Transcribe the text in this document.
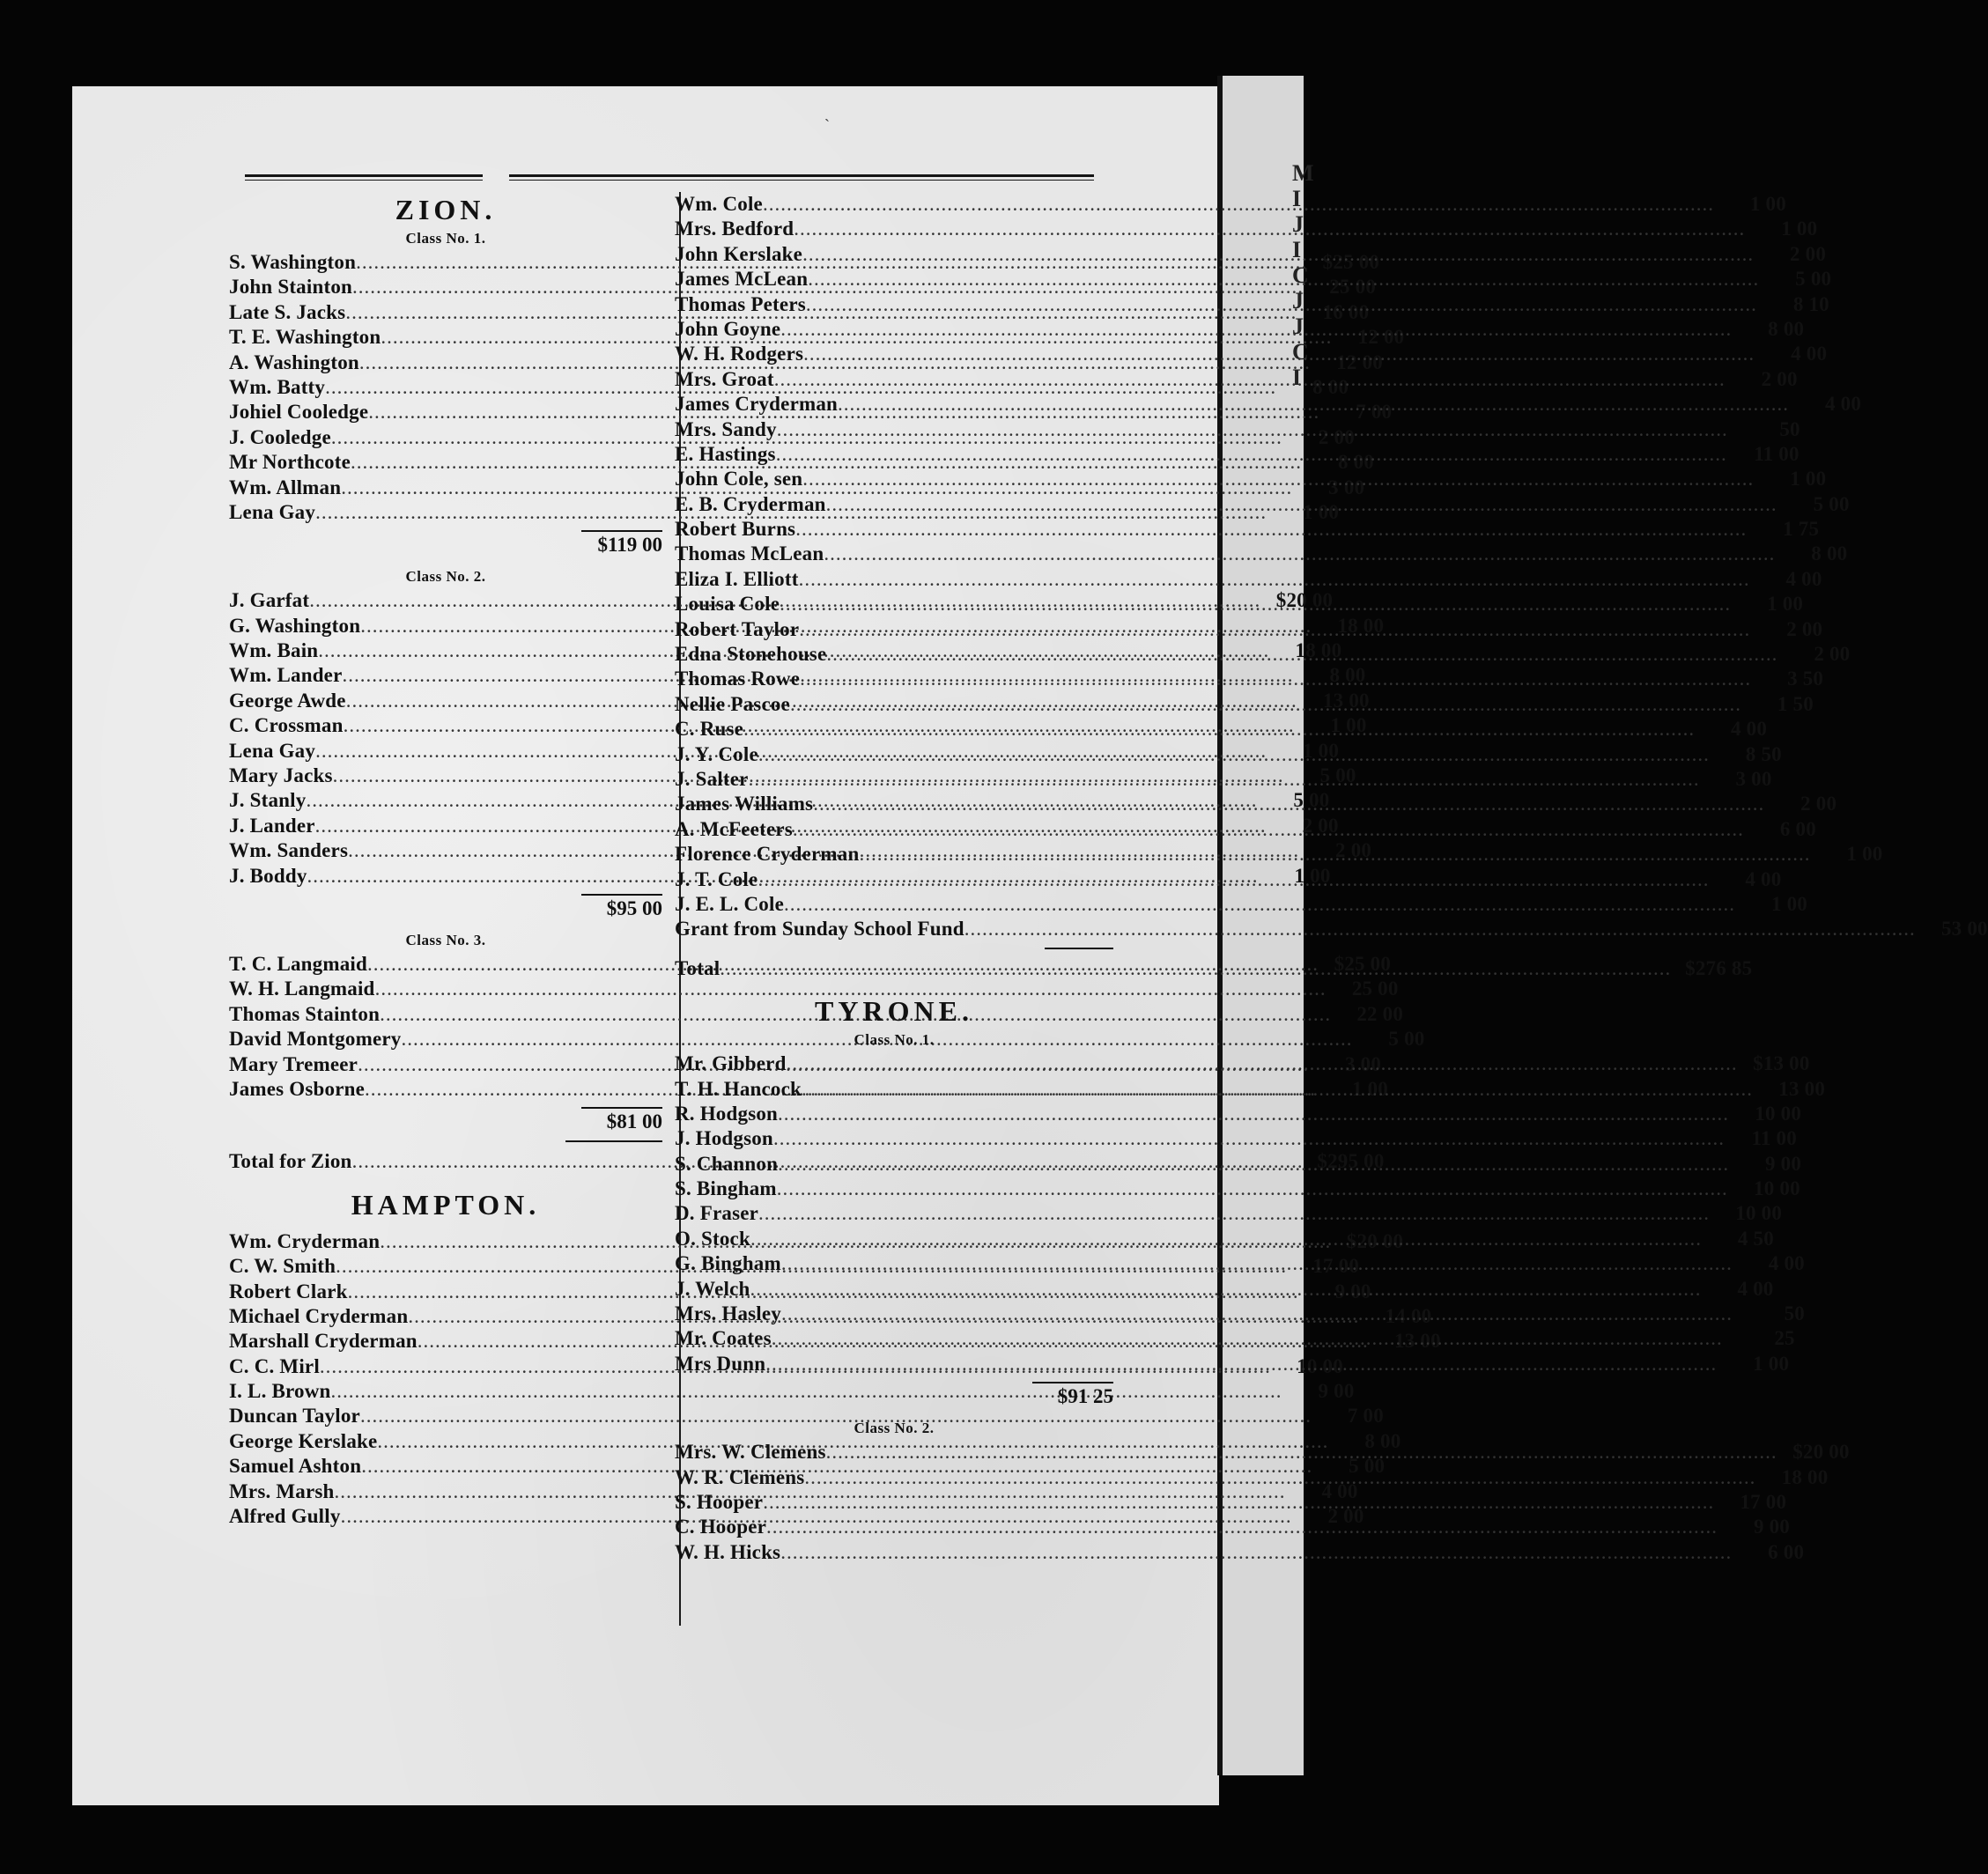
M
I
J
I
C
J
J
C
I
ˋ
ZION.
Class No. 1.
S. Washington .....	$25 00
John Stainton .....	25 00
Late S. Jacks .....	16 00
T. E. Washington .....	12 00
A. Washington .....	12 00
Wm. Batty .....	8 00
Johiel Cooledge .....	7 00
J. Cooledge .....	2 00
Mr Northcote .....	8 00
Wm. Allman .....	3 00
Lena Gay .....	1 00
$119 00
Class No. 2.
J. Garfat .....	$20 00
G. Washington .....	18 00
Wm. Bain .....	18 00
Wm. Lander .....	8 00
George Awde .....	13 00
C. Crossman .....	1 00
Lena Gay .....	1 00
Mary Jacks .....	5 00
J. Stanly .....	5 00
J. Lander .....	2 00
Wm. Sanders .....	2 00
J. Boddy .....	1 00
$95 00
Class No. 3.
T. C. Langmaid .....	$25 00
W. H. Langmaid .....	25 00
Thomas Stainton .....	22 00
David Montgomery .....	5 00
Mary Tremeer .....	3 00
James Osborne .....	1 00
$81 00
Total for Zion .....	$295 00
HAMPTON.
Wm. Cryderman .....	$20 00
C. W. Smith .....	17 00
Robert Clark .....	9 00
Michael Cryderman .....	14 00
Marshall Cryderman .....	13 00
C. C. Mirl .....	10 00
I. L. Brown .....	9 00
Duncan Taylor .....	7 00
George Kerslake .....	8 00
Samuel Ashton .....	5 00
Mrs. Marsh .....	4 00
Alfred Gully .....	2 00
Wm. Cole .....	1 00
Mrs. Bedford .....	1 00
John Kerslake .....	2 00
James McLean .....	5 00
Thomas Peters .....	8 10
John Goyne .....	8 00
W. H. Rodgers .....	4 00
Mrs. Groat .....	2 00
James Cryderman .....	4 00
Mrs. Sandy .....	50
E. Hastings .....	11 00
John Cole, sen .....	1 00
E. B. Cryderman .....	5 00
Robert Burns .....	1 75
Thomas McLean .....	8 00
Eliza I. Elliott .....	4 00
Louisa Cole .....	1 00
Robert Taylor .....	2 00
Edna Stonehouse .....	2 00
Thomas Rowe .....	3 50
Nellie Pascoe .....	1 50
C. Ruse .....	4 00
J. Y. Cole .....	8 50
J. Salter .....	3 00
James Williams .....	2 00
A. McFeeters .....	6 00
Florence Cryderman .....	1 00
J. T. Cole .....	4 00
J. E. L. Cole .....	1 00
Grant from Sunday School Fund .....	53 00
Total .....	$276 85
TYRONE.
Class No. 1.
Mr. Gibberd .....	$13 00
T. H. Hancock .....	13 00
R. Hodgson .....	10 00
J. Hodgson .....	11 00
S. Channon .....	9 00
S. Bingham .....	10 00
D. Fraser .....	10 00
O. Stock .....	4 50
G. Bingham .....	4 00
J. Welch .....	4 00
Mrs. Hasley .....	50
Mr. Coates .....	25
Mrs Dunn .....	1 00
$91 25
Class No. 2.
Mrs. W. Clemens .....	$20 00
W. R. Clemens .....	18 00
S. Hooper .....	17 00
C. Hooper .....	9 00
W. H. Hicks .....	6 00
